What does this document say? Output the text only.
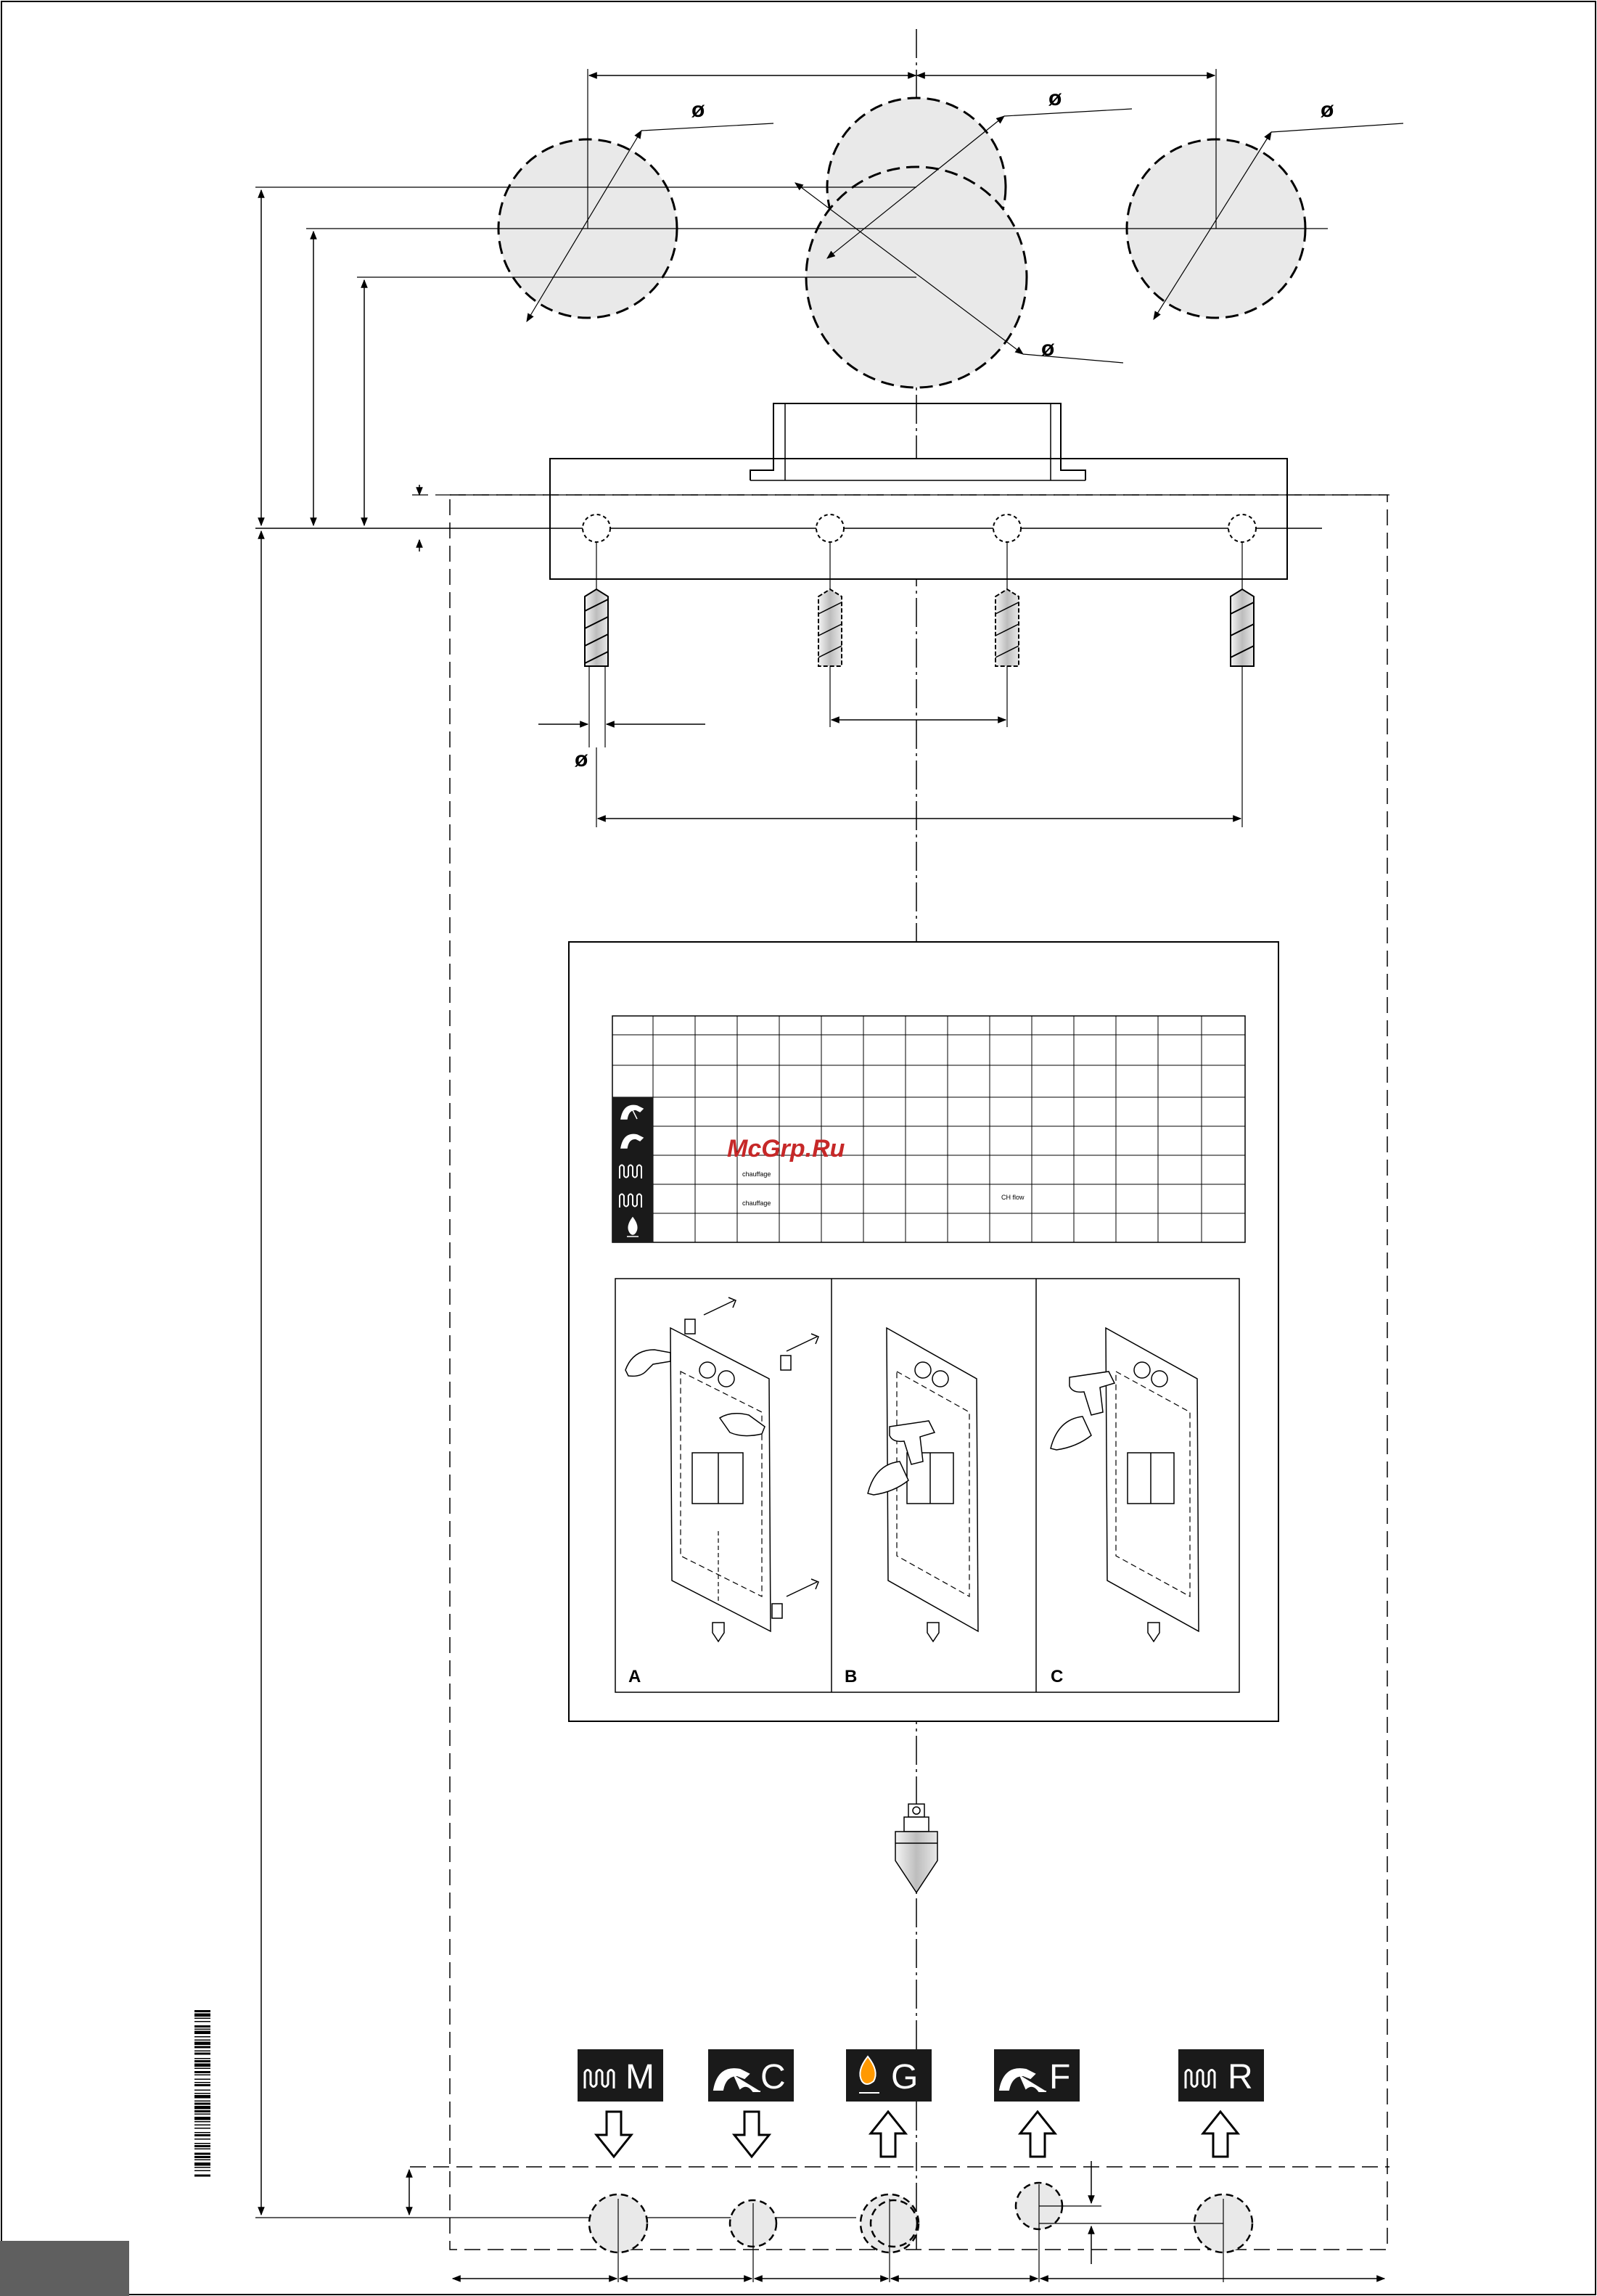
ø	ø	ø
ø
ø
chauffage
chauffage
CH flow
McGrp.Ru
A	B	C
M	C	G	F	R
